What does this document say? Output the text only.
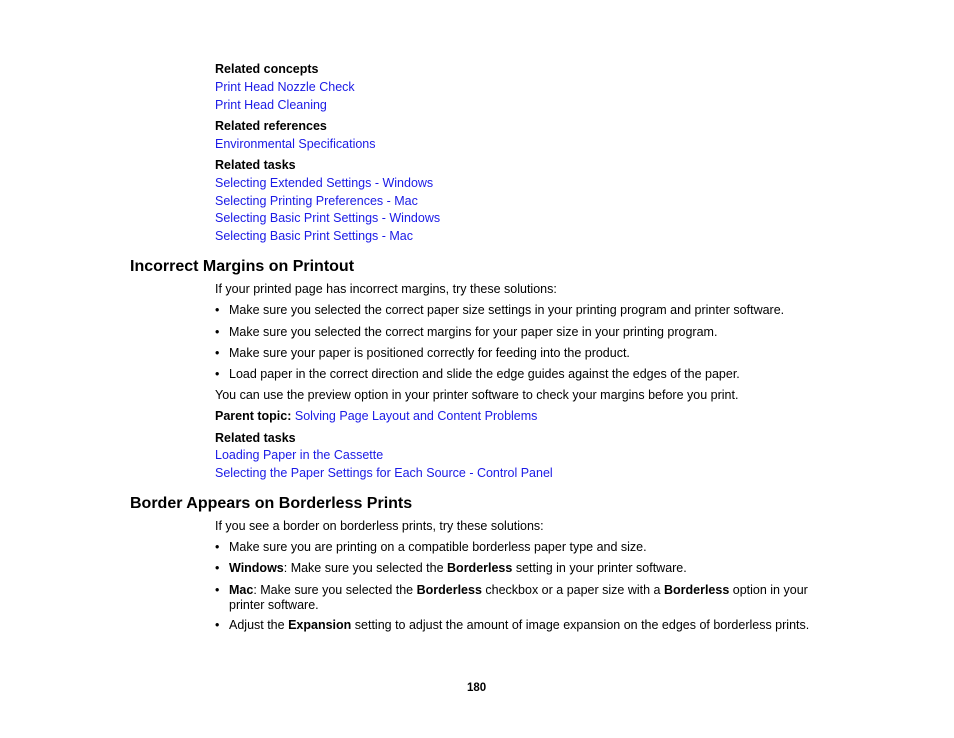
Related concepts
Print Head Nozzle Check
Print Head Cleaning
Related references
Environmental Specifications
Related tasks
Selecting Extended Settings - Windows
Selecting Printing Preferences - Mac
Selecting Basic Print Settings - Windows
Selecting Basic Print Settings - Mac
Incorrect Margins on Printout
If your printed page has incorrect margins, try these solutions:
• Make sure you selected the correct paper size settings in your printing program and printer software.
• Make sure you selected the correct margins for your paper size in your printing program.
• Make sure your paper is positioned correctly for feeding into the product.
• Load paper in the correct direction and slide the edge guides against the edges of the paper.
You can use the preview option in your printer software to check your margins before you print.
Parent topic: Solving Page Layout and Content Problems
Related tasks
Loading Paper in the Cassette
Selecting the Paper Settings for Each Source - Control Panel
Border Appears on Borderless Prints
If you see a border on borderless prints, try these solutions:
• Make sure you are printing on a compatible borderless paper type and size.
• Windows: Make sure you selected the Borderless setting in your printer software.
• Mac: Make sure you selected the Borderless checkbox or a paper size with a Borderless option in your printer software.
• Adjust the Expansion setting to adjust the amount of image expansion on the edges of borderless prints.
180
